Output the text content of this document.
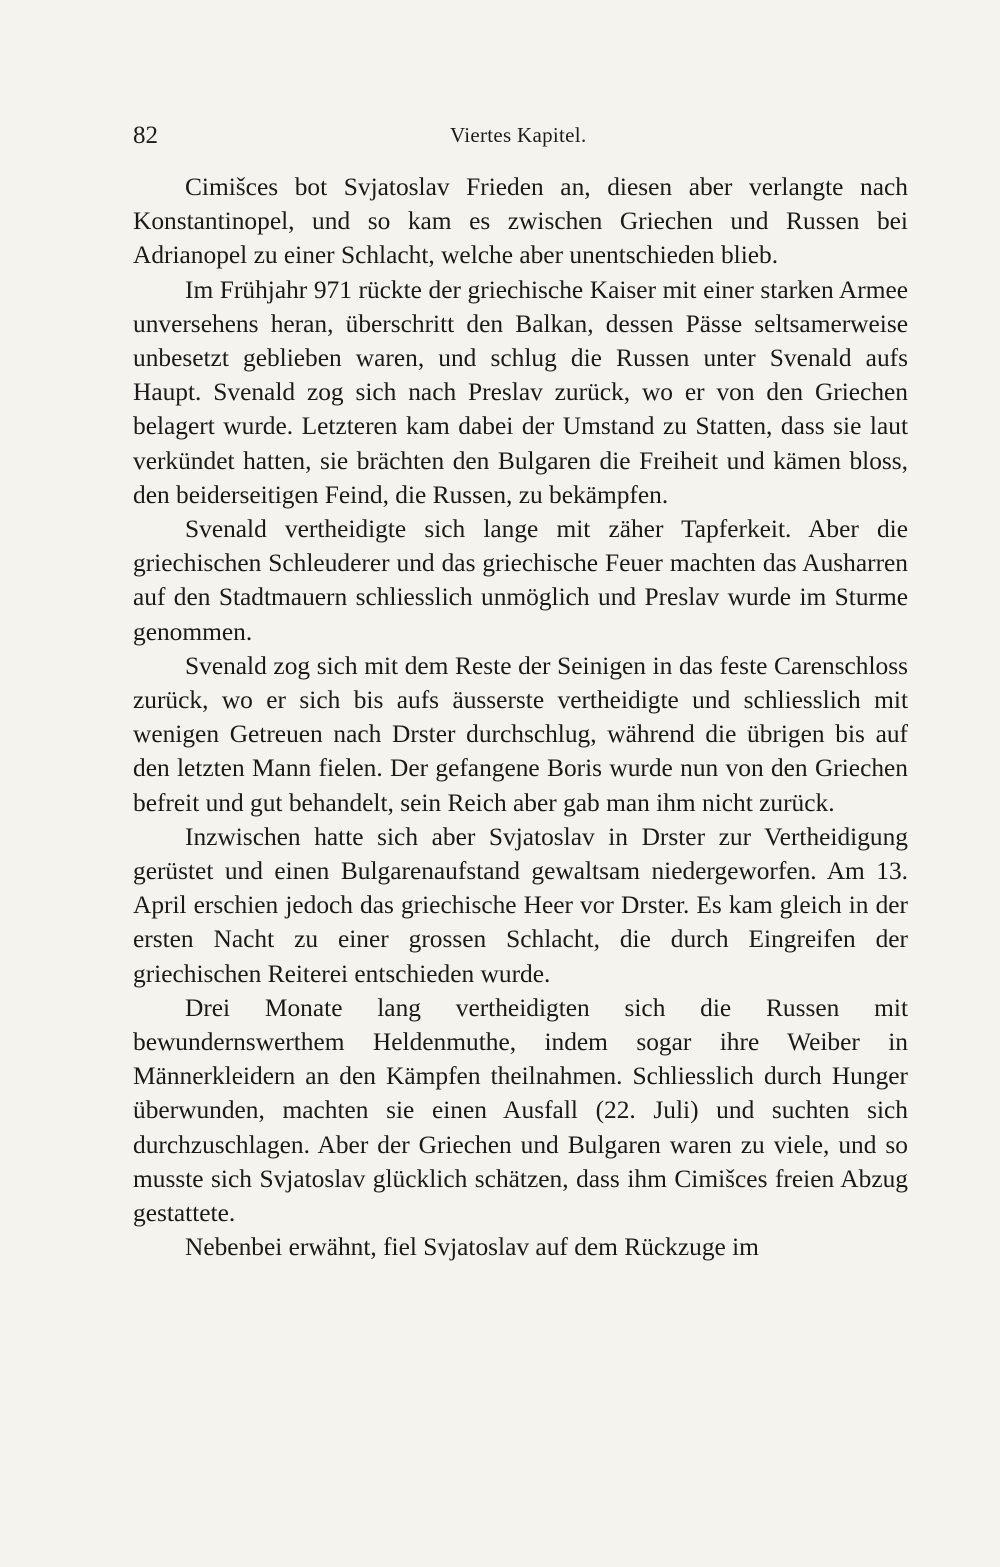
82	Viertes Kapitel.

Cimišces bot Svjatoslav Frieden an, diesen aber verlangte nach Konstantinopel, und so kam es zwischen Griechen und Russen bei Adrianopel zu einer Schlacht, welche aber unentschieden blieb.

Im Frühjahr 971 rückte der griechische Kaiser mit einer starken Armee unversehens heran, überschritt den Balkan, dessen Pässe seltsamerweise unbesetzt geblieben waren, und schlug die Russen unter Svenald aufs Haupt. Svenald zog sich nach Preslav zurück, wo er von den Griechen belagert wurde. Letzteren kam dabei der Umstand zu Statten, dass sie laut verkündet hatten, sie brächten den Bulgaren die Freiheit und kämen bloss, den beiderseitigen Feind, die Russen, zu bekämpfen.

Svenald vertheidigte sich lange mit zäher Tapferkeit. Aber die griechischen Schleuderer und das griechische Feuer machten das Ausharren auf den Stadtmauern schliesslich unmöglich und Preslav wurde im Sturme genommen.

Svenald zog sich mit dem Reste der Seinigen in das feste Carenschloss zurück, wo er sich bis aufs äusserste vertheidigte und schliesslich mit wenigen Getreuen nach Drster durchschlug, während die übrigen bis auf den letzten Mann fielen. Der gefangene Boris wurde nun von den Griechen befreit und gut behandelt, sein Reich aber gab man ihm nicht zurück.

Inzwischen hatte sich aber Svjatoslav in Drster zur Vertheidigung gerüstet und einen Bulgarenaufstand gewaltsam niedergeworfen. Am 13. April erschien jedoch das griechische Heer vor Drster. Es kam gleich in der ersten Nacht zu einer grossen Schlacht, die durch Eingreifen der griechischen Reiterei entschieden wurde.

Drei Monate lang vertheidigten sich die Russen mit bewundernswerthem Heldenmuthe, indem sogar ihre Weiber in Männerkleidern an den Kämpfen theilnahmen. Schliesslich durch Hunger überwunden, machten sie einen Ausfall (22. Juli) und suchten sich durchzuschlagen. Aber der Griechen und Bulgaren waren zu viele, und so musste sich Svjatoslav glücklich schätzen, dass ihm Cimišces freien Abzug gestattete.

Nebenbei erwähnt, fiel Svjatoslav auf dem Rückzuge im
